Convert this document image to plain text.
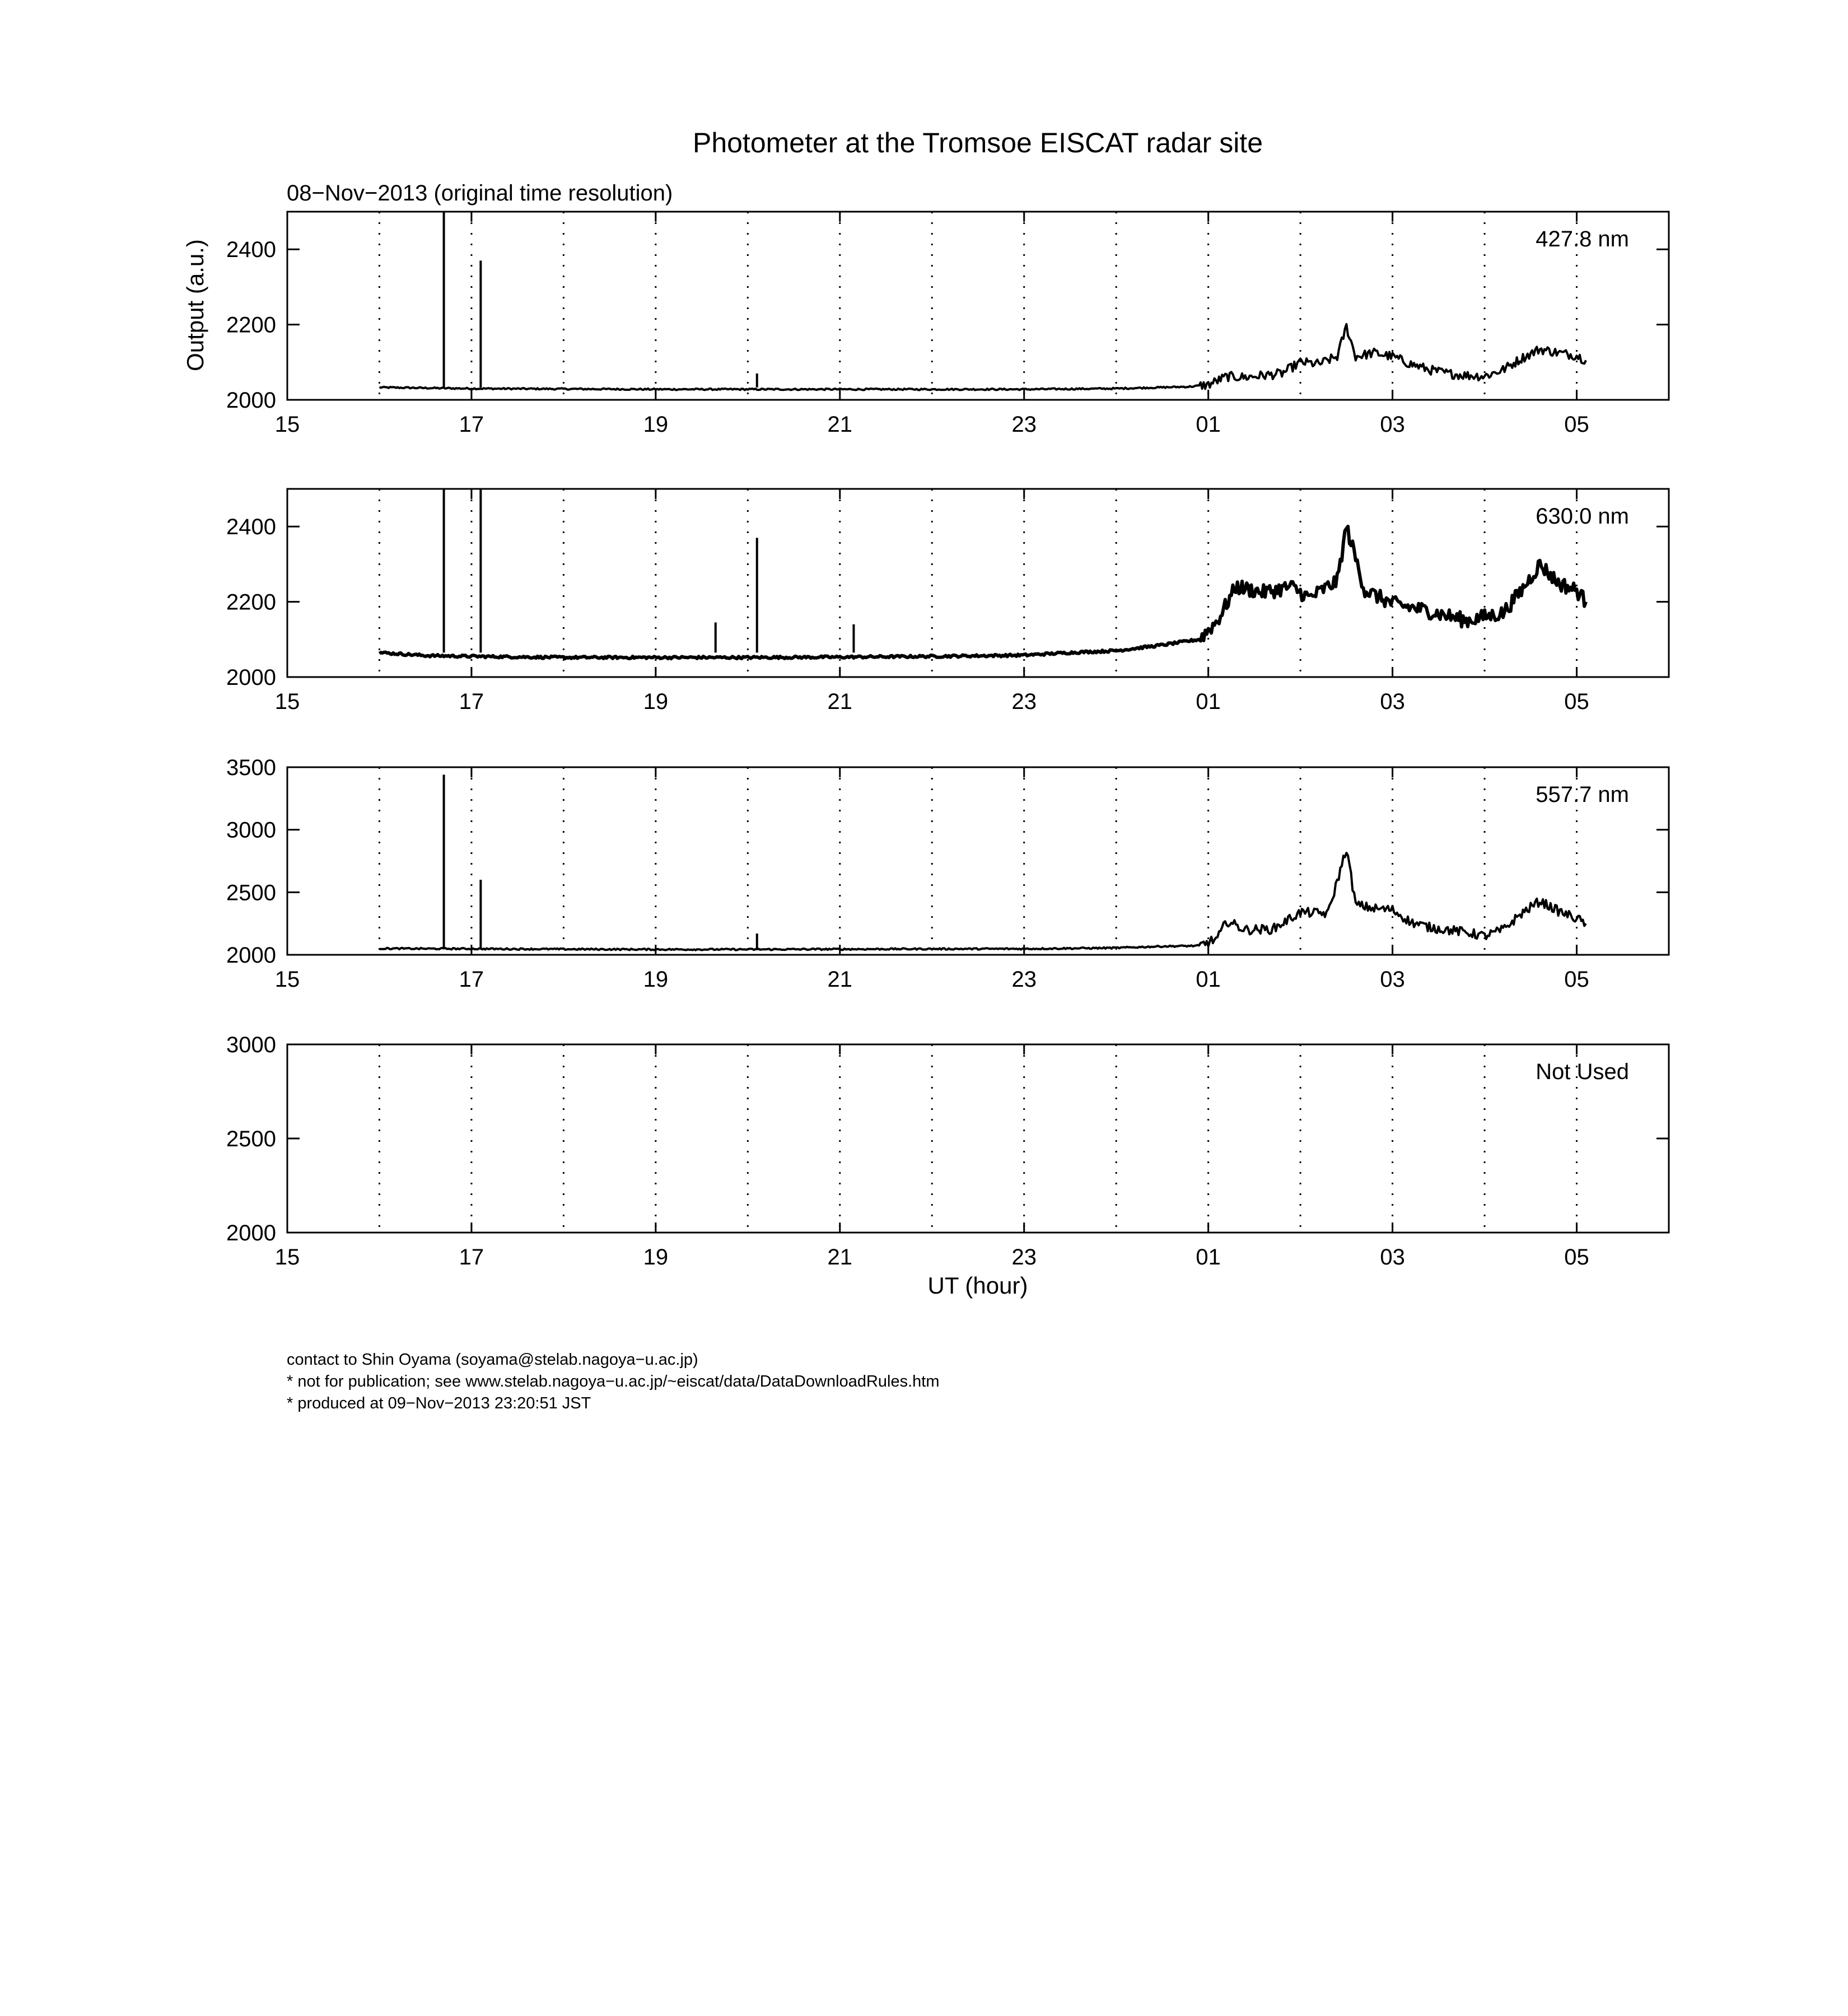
Photometer at the Tromsoe EISCAT radar site
08−Nov−2013 (original time resolution)
Output (a.u.)
15	17	19	21	23	01	03	05
2000
2200
2400	427.8 nm
15	17	19	21	23	01	03	05
2000
2200
2400	630.0 nm
15	17	19	21	23	01	03	05
2000
2500
3000
3500
557.7 nm
15	17	19	21	23	01	03	05
2000
2500
3000
Not Used
UT (hour)
contact to Shin Oyama (soyama@stelab.nagoya−u.ac.jp)
* not for publication; see www.stelab.nagoya−u.ac.jp/~eiscat/data/DataDownloadRules.htm
* produced at 09−Nov−2013 23:20:51 JST
